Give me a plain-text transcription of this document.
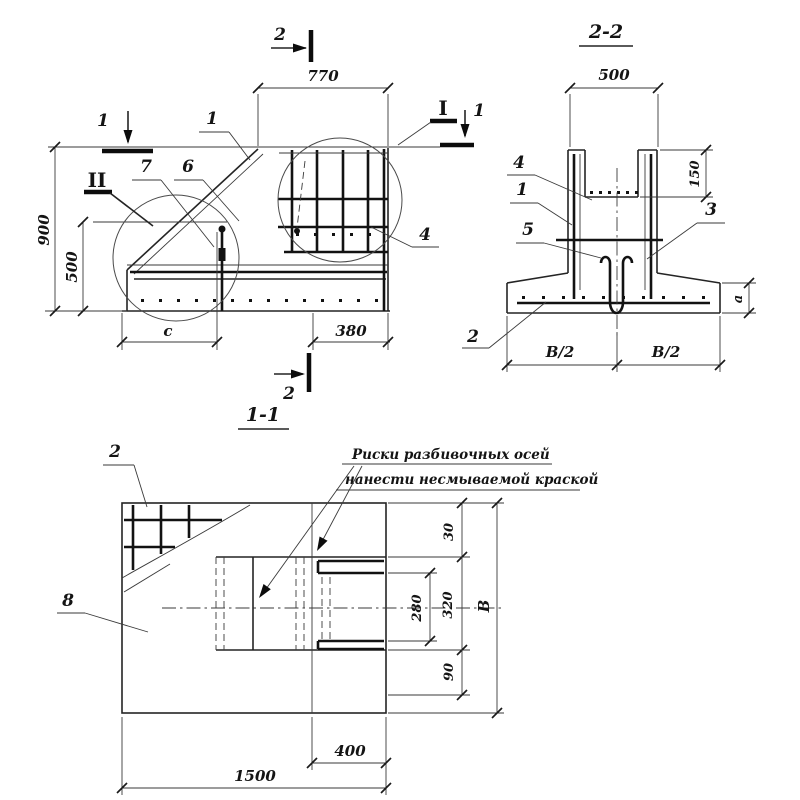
900
500
с	380
770
2
2
1	1
I
II
1
7 6
4
2-2
500
150
а
В/2	В/2
4
1
5
3
2
1-1
Риски разбивочных осей
нанести несмываемой краской
В
30
320
280
90
400
1500
2
8
